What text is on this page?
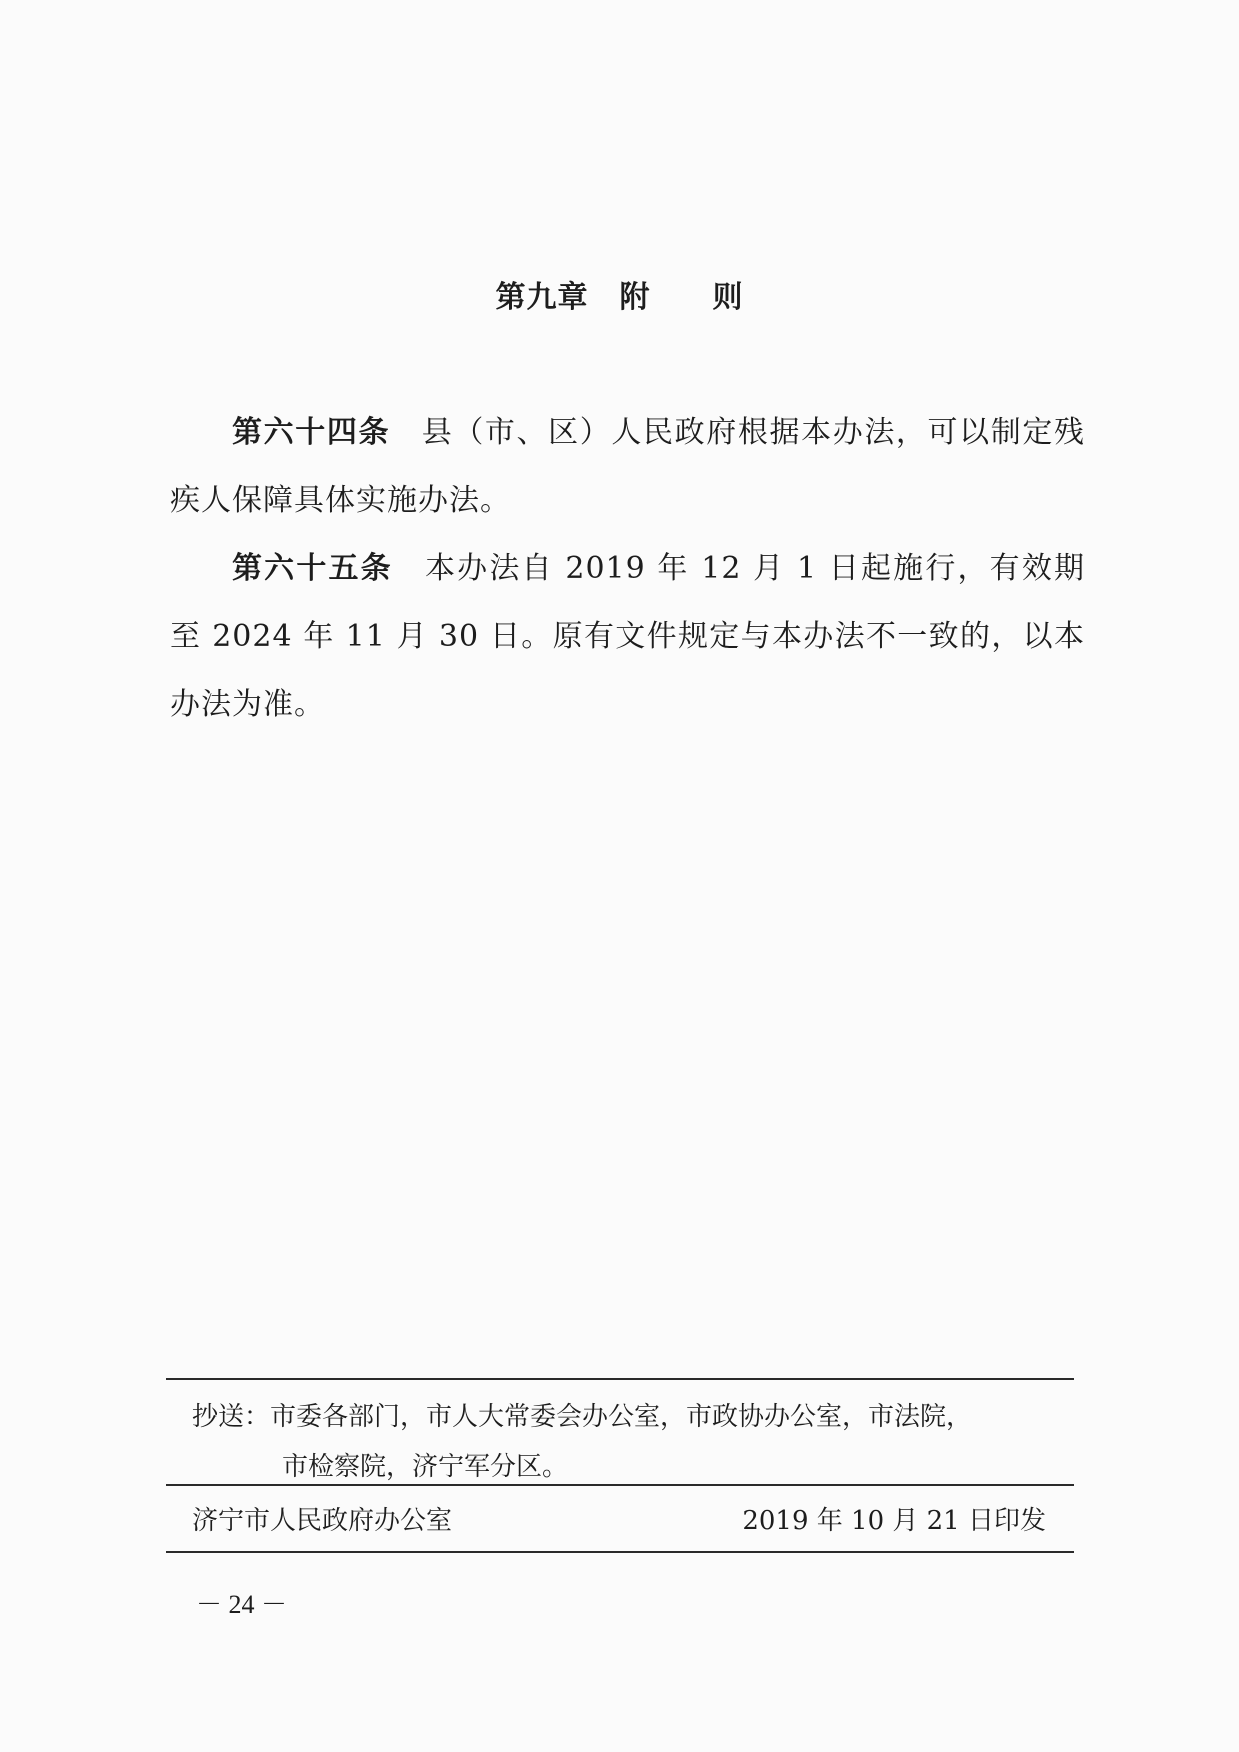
第九章　附　　则

第六十四条　 县（市、区）人民政府根据本办法，可以制定残疾人保障具体实施办法。

第六十五条　 本办法自 2019 年 12 月 1 日起施行，有效期至 2024 年 11 月 30 日。原有文件规定与本办法不一致的，以本办法为准。

抄送：市委各部门，市人大常委会办公室，市政协办公室，市法院，
市检察院，济宁军分区。
济宁市人民政府办公室	2019 年 10 月 21 日印发
－ 24 －
